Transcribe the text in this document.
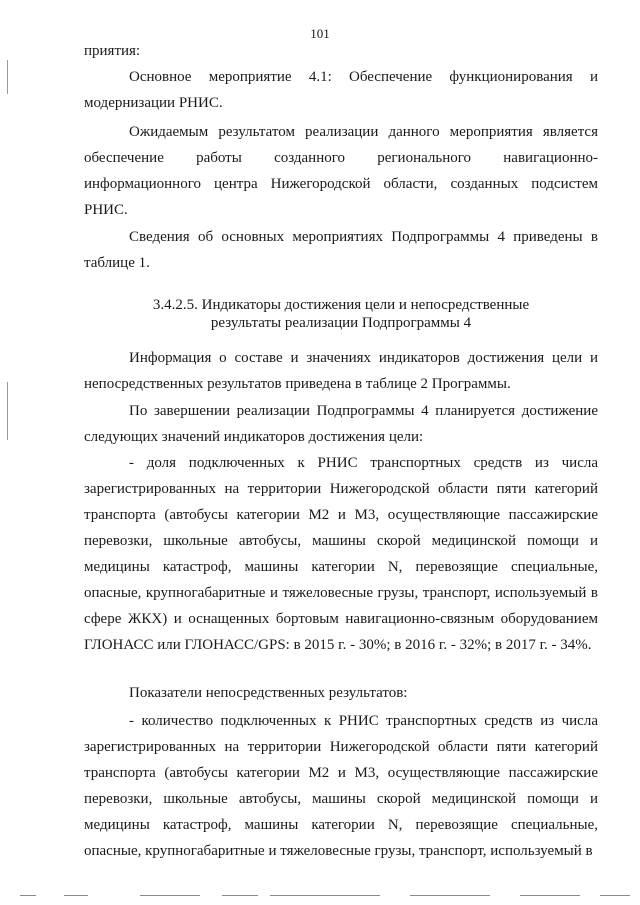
101

приятия:

Основное мероприятие 4.1: Обеспечение функционирования и модернизации РНИС.

Ожидаемым результатом реализации данного мероприятия является обеспечение работы созданного регионального навигационно-информационного центра Нижегородской области, созданных подсистем РНИС.

Сведения об основных мероприятиях Подпрограммы 4 приведены в таблице 1.

3.4.2.5. Индикаторы достижения цели и непосредственные
результаты реализации Подпрограммы 4

Информация о составе и значениях индикаторов достижения цели и непосредственных результатов приведена в таблице 2 Программы.

По завершении реализации Подпрограммы 4 планируется достижение следующих значений индикаторов достижения цели:

- доля подключенных к РНИС транспортных средств из числа зарегистрированных на территории Нижегородской области пяти категорий транспорта (автобусы категории М2 и М3, осуществляющие пассажирские перевозки, школьные автобусы, машины скорой медицинской помощи и медицины катастроф, машины категории N, перевозящие специальные, опасные, крупногабаритные и тяжеловесные грузы, транспорт, используемый в сфере ЖКХ) и оснащенных бортовым навигационно-связным оборудованием ГЛОНАСС или ГЛОНАСС/GPS: в 2015 г. - 30%; в 2016 г. - 32%; в 2017 г. - 34%.

Показатели непосредственных результатов:

- количество подключенных к РНИС транспортных средств из числа зарегистрированных на территории Нижегородской области пяти категорий транспорта (автобусы категории М2 и М3, осуществляющие пассажирские перевозки, школьные автобусы, машины скорой медицинской помощи и медицины катастроф, машины категории N, перевозящие специальные, опасные, крупногабаритные и тяжеловесные грузы, транспорт, используемый в
